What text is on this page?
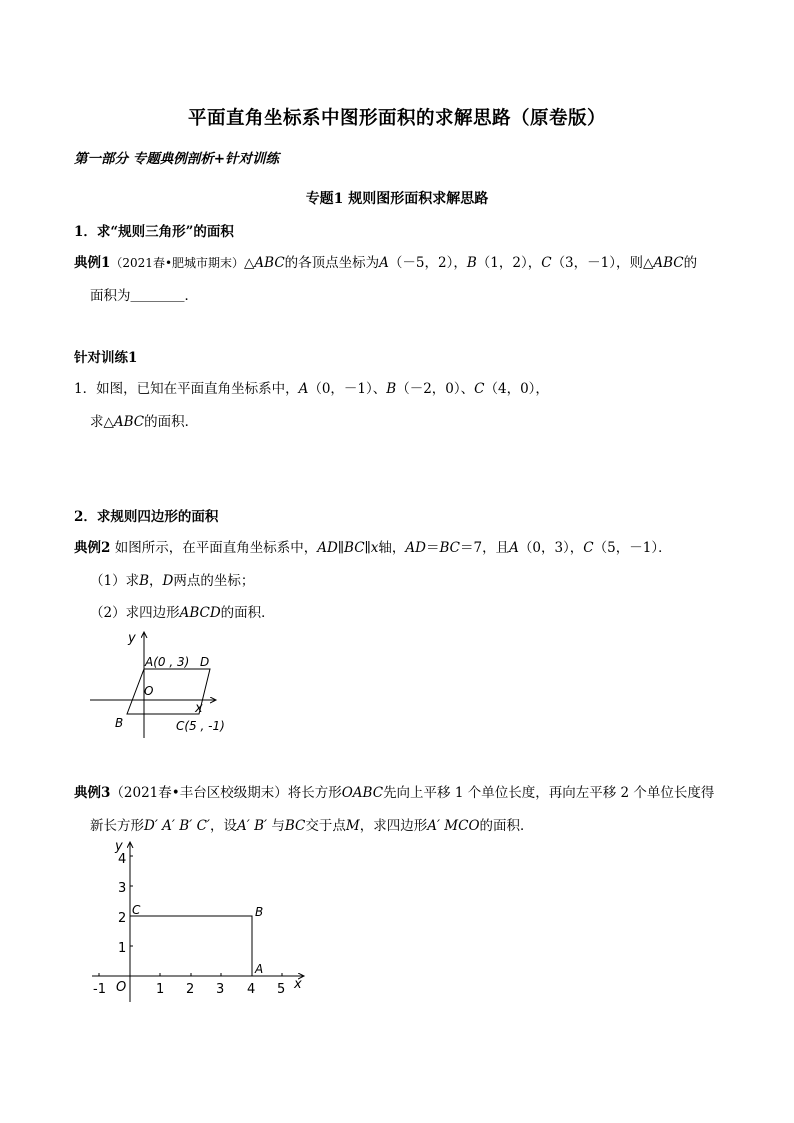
平面直角坐标系中图形面积的求解思路（原卷版）
第一部分 专题典例剖析+针对训练
专题1 规则图形面积求解思路
1．求“规则三角形”的面积
典例1（2021春•肥城市期末）△ABC的各顶点坐标为A（－5，2），B（1，2），C（3，－1），则△ABC的
面积为＿＿＿＿．
针对训练1
1．如图，已知在平面直角坐标系中，A（0，－1）、B（－2，0）、C（4，0），
求△ABC的面积．
2．求规则四边形的面积
典例2 如图所示，在平面直角坐标系中，AD∥BC∥x轴，AD＝BC＝7，且A（0，3），C（5，－1）．
（1）求B，D两点的坐标；
（2）求四边形ABCD的面积．
y
x
O
A(0 , 3) D
B	C(5 , -1)
典例3（2021春•丰台区校级期末）将长方形OABC先向上平移 1 个单位长度，再向左平移 2 个单位长度得
新长方形D′ A′ B′ C′，设A′ B′ 与BC交于点M，求四边形A′ MCO的面积．
y
x
O
-1	1 2 3 4 5
1
2
3
4
C	B
A
